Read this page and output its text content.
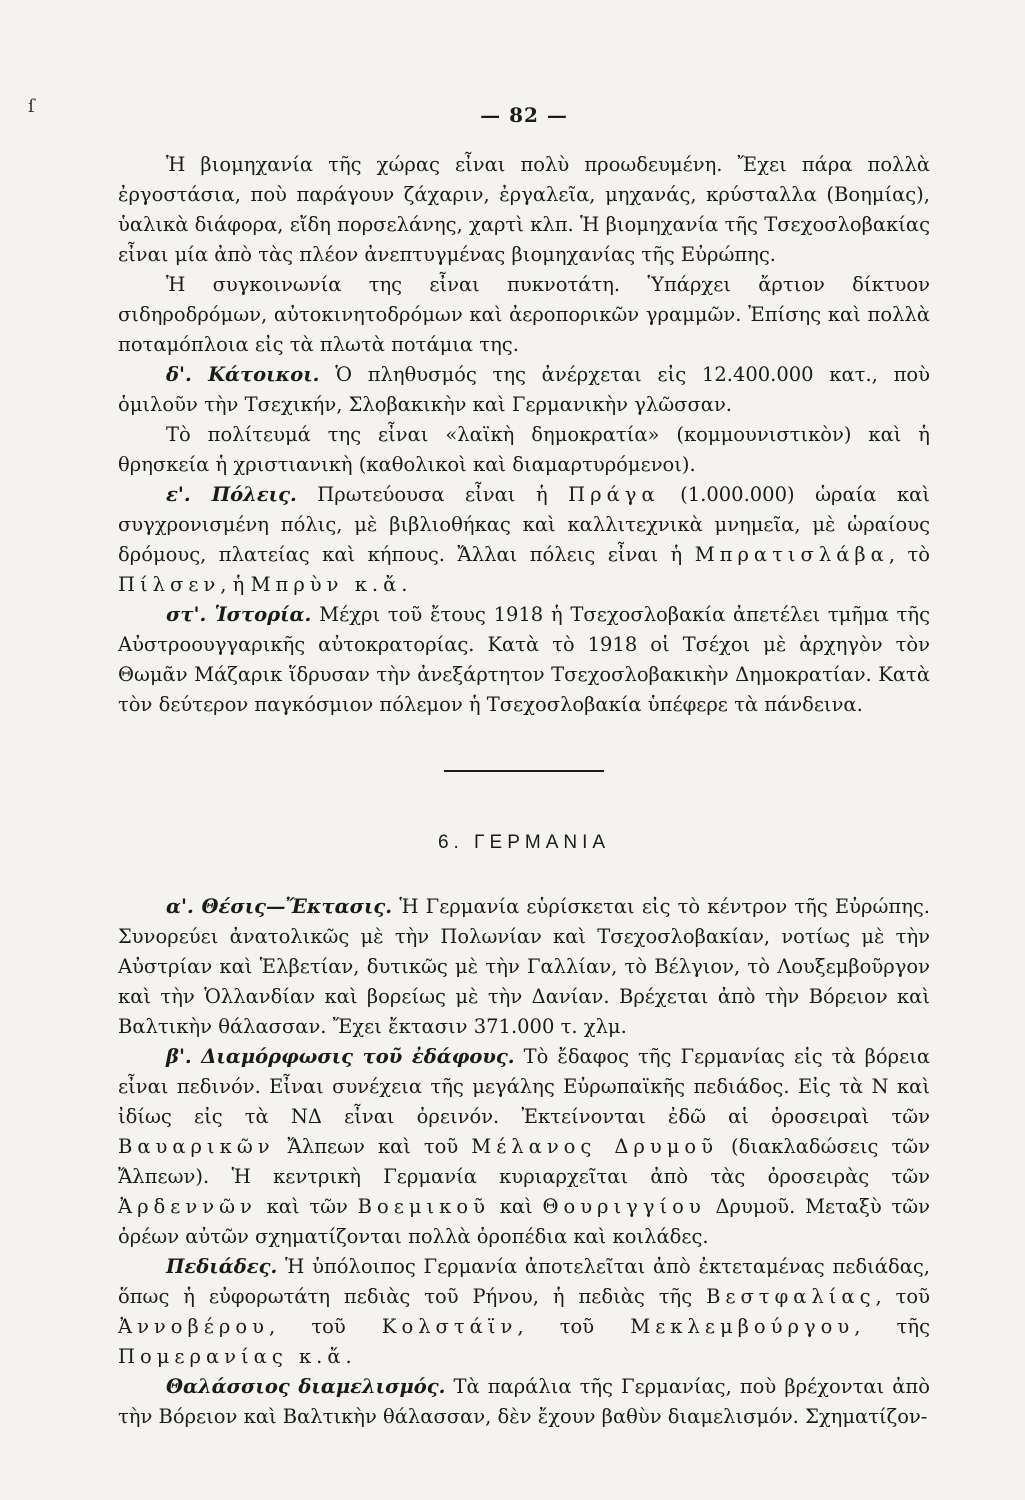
ſ	— 82 —

Ἡ βιομηχανία τῆς χώρας εἶναι πολὺ προωδευμένη. Ἔχει πάρα πολλὰ ἐργοστάσια, ποὺ παράγουν ζάχαριν, ἐργαλεῖα, μηχανάς, κρύσταλλα (Βοημίας), ὑαλικὰ διάφορα, εἴδη πορσελάνης, χαρτὶ κλπ. Ἡ βιομηχανία τῆς Τσεχοσλοβακίας εἶναι μία ἀπὸ τὰς πλέον ἀνεπτυγμένας βιομηχανίας τῆς Εὐρώπης.

Ἡ συγκοινωνία της εἶναι πυκνοτάτη. Ὑπάρχει ἄρτιον δίκτυον σιδηροδρόμων, αὐτοκινητοδρόμων καὶ ἀεροπορικῶν γραμμῶν. Ἐπίσης καὶ πολλὰ ποταμόπλοια εἰς τὰ πλωτὰ ποτάμια της.

δ'. Κάτοικοι. Ὁ πληθυσμός της ἀνέρχεται εἰς 12.400.000 κατ., ποὺ ὁμιλοῦν τὴν Τσεχικήν, Σλοβακικὴν καὶ Γερμανικὴν γλῶσσαν.

Τὸ πολίτευμά της εἶναι «λαϊκὴ δημοκρατία» (κομμουνιστικὸν) καὶ ἡ θρησκεία ἡ χριστιανικὴ (καθολικοὶ καὶ διαμαρτυρόμενοι).

ε'. Πόλεις. Πρωτεύουσα εἶναι ἡ Πράγα (1.000.000) ὡραία καὶ συγχρονισμένη πόλις, μὲ βιβλιοθήκας καὶ καλλιτεχνικὰ μνημεῖα, μὲ ὡραίους δρόμους, πλατείας καὶ κήπους. Ἄλλαι πόλεις εἶναι ἡ Μπρατισλάβα, τὸ Πίλσεν, ἡ Μπρὺν κ.ἄ.

στ'. Ἱστορία. Μέχρι τοῦ ἔτους 1918 ἡ Τσεχοσλοβακία ἀπετέλει τμῆμα τῆς Αὐστροουγγαρικῆς αὐτοκρατορίας. Κατὰ τὸ 1918 οἱ Τσέχοι μὲ ἀρχηγὸν τὸν Θωμᾶν Μάζαρικ ἵδρυσαν τὴν ἀνεξάρτητον Τσεχοσλοβακικὴν Δημοκρατίαν. Κατὰ τὸν δεύτερον παγκόσμιον πόλεμον ἡ Τσεχοσλοβακία ὑπέφερε τὰ πάνδεινα.

6. ΓΕΡΜΑΝΙΑ

α'. Θέσις—Ἔκτασις. Ἡ Γερμανία εὑρίσκεται εἰς τὸ κέντρον τῆς Εὐρώπης. Συνορεύει ἀνατολικῶς μὲ τὴν Πολωνίαν καὶ Τσεχοσλοβακίαν, νοτίως μὲ τὴν Αὐστρίαν καὶ Ἑλβετίαν, δυτικῶς μὲ τὴν Γαλλίαν, τὸ Βέλγιον, τὸ Λουξεμβοῦργον καὶ τὴν Ὁλλανδίαν καὶ βορείως μὲ τὴν Δανίαν. Βρέχεται ἀπὸ τὴν Βόρειον καὶ Βαλτικὴν θάλασσαν. Ἔχει ἔκτασιν 371.000 τ. χλμ.

β'. Διαμόρφωσις τοῦ ἐδάφους. Τὸ ἔδαφος τῆς Γερμανίας εἰς τὰ βόρεια εἶναι πεδινόν. Εἶναι συνέχεια τῆς μεγάλης Εὐρωπαϊκῆς πεδιάδος. Εἰς τὰ Ν καὶ ἰδίως εἰς τὰ ΝΔ εἶναι ὀρεινόν. Ἐκτείνονται ἐδῶ αἱ ὀροσειραὶ τῶν Βαυαρικῶν Ἄλπεων καὶ τοῦ Μέλανος Δρυμοῦ (διακλαδώσεις τῶν Ἄλπεων). Ἡ κεντρικὴ Γερμανία κυριαρχεῖται ἀπὸ τὰς ὀροσειρὰς τῶν Ἀρδεννῶν καὶ τῶν Βοεμικοῦ καὶ Θουριγγίου Δρυμοῦ. Μεταξὺ τῶν ὀρέων αὐτῶν σχηματίζονται πολλὰ ὀροπέδια καὶ κοιλάδες.

Πεδιάδες. Ἡ ὑπόλοιπος Γερμανία ἀποτελεῖται ἀπὸ ἐκτεταμένας πεδιάδας, ὅπως ἡ εὐφορωτάτη πεδιὰς τοῦ Ρήνου, ἡ πεδιὰς τῆς Βεστφαλίας, τοῦ Ἀννοβέρου, τοῦ Κολστάϊν, τοῦ Μεκλεμβούργου, τῆς Πομερανίας κ.ἄ.

Θαλάσσιος διαμελισμός. Τὰ παράλια τῆς Γερμανίας, ποὺ βρέχονται ἀπὸ τὴν Βόρειον καὶ Βαλτικὴν θάλασσαν, δὲν ἔχουν βαθὺν διαμελισμόν. Σχηματίζον-
